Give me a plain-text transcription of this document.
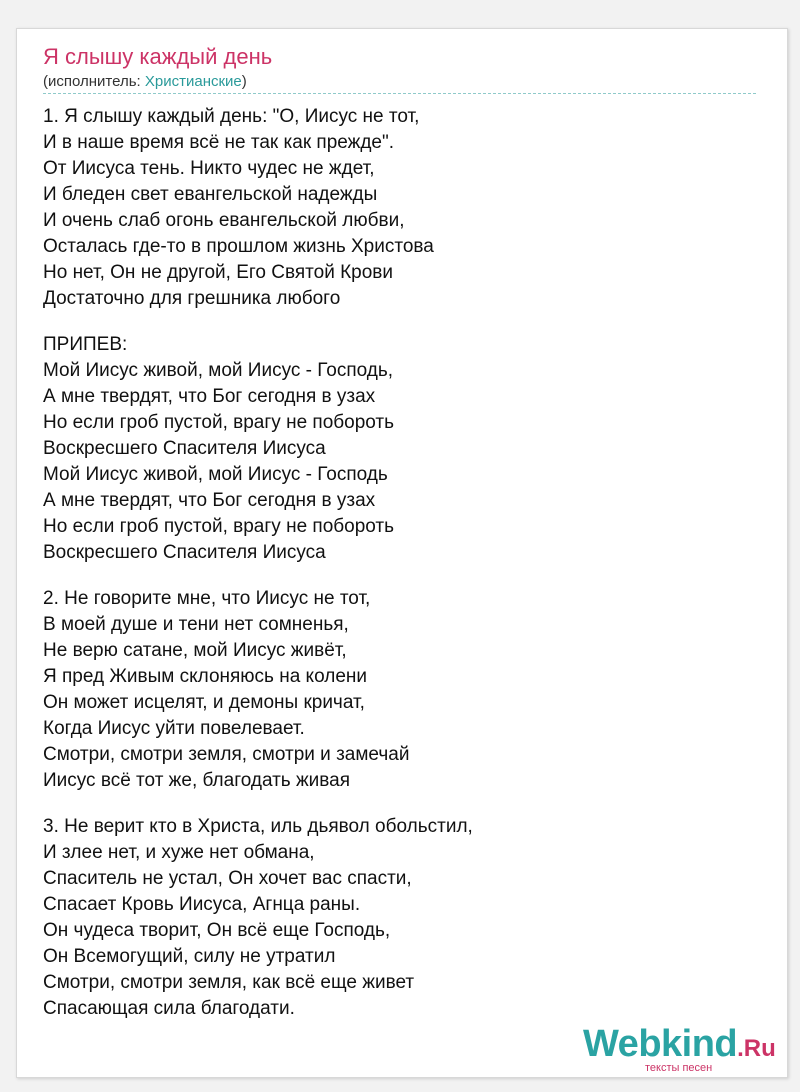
Я слышу каждый день
(исполнитель: Христианские)
1. Я слышу каждый день: "О, Иисус не тот,
И в наше время всё не так как прежде".
От Иисуса тень. Никто чудес не ждет,
И бледен свет евангельской надежды
И очень слаб огонь евангельской любви,
Осталась где-то в прошлом жизнь Христова
Но нет, Он не другой, Его Святой Крови
Достаточно для грешника любого
ПРИПЕВ:
Мой Иисус живой, мой Иисус - Господь,
А мне твердят, что Бог сегодня в узах
Но если гроб пустой, врагу не побороть
Воскресшего Спасителя Иисуса
Мой Иисус живой, мой Иисус - Господь
А мне твердят, что Бог сегодня в узах
Но если гроб пустой, врагу не побороть
Воскресшего Спасителя Иисуса
2. Не говорите мне, что Иисус не тот,
В моей душе и тени нет сомненья,
Не верю сатане, мой Иисус живёт,
Я пред Живым склоняюсь на колени
Он может исцелят, и демоны кричат,
Когда Иисус уйти повелевает.
Смотри, смотри земля, смотри и замечай
Иисус всё тот же, благодать живая
3. Не верит кто в Христа, иль дьявол обольстил,
И злее нет, и хуже нет обмана,
Спаситель не устал, Он хочет вас спасти,
Спасает Кровь Иисуса, Агнца раны.
Он чудеса творит, Он всё еще Господь,
Он Всемогущий, силу не утратил
Смотри, смотри земля, как всё еще живет
Спасающая сила благодати.
Webkind.Ru
тексты песен
